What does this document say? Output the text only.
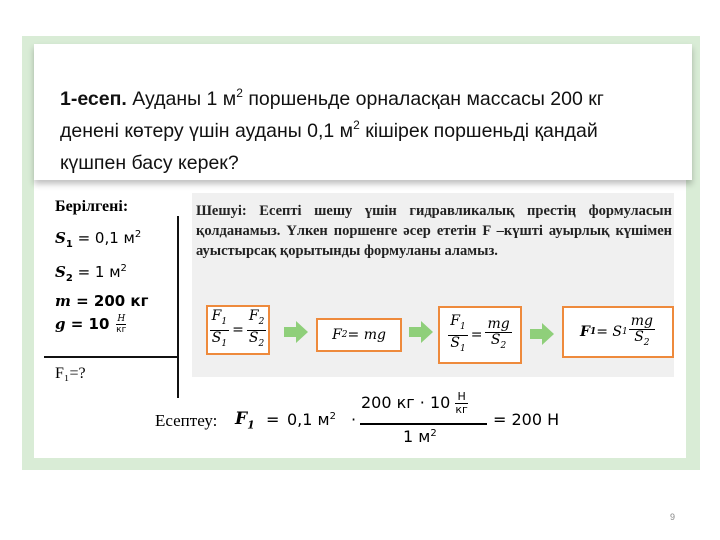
1-есеп. Ауданы 1 $м^2$ поршеньде орналасқан массасы 200 кг
денені көтеру үшін ауданы 0,1 $м^2$ кішірек поршеньді қандай
күшпен басу керек?
Берілгені:
$S_1 = 0,1$ $м^2$
$S_2 = 1$ $м^2$
m = 200 кг
$g = 10 \frac{Н}{кг}$
F₁=?
Шешуі: Есепті шешу үшін гидравликалық престің формуласын қолданамыз. Үлкен поршенге әсер ететін F –күшті ауырлық күшімен ауыстырсақ қорытынды формуланы аламыз.
$\frac{F_1}{S_1} = \frac{F_2}{S_2}$	F 2 = mg	$\frac{F_1}{S_1} = \frac{mg}{S_2}$	F 1 = S $1 \frac{mg}{S_2}$
Есептеу: $F_1 = 0,1$ $м^2$ ·
200 кг · $10 \frac{Н}{кг}$
1 $м^2$
= 200 Н
9
